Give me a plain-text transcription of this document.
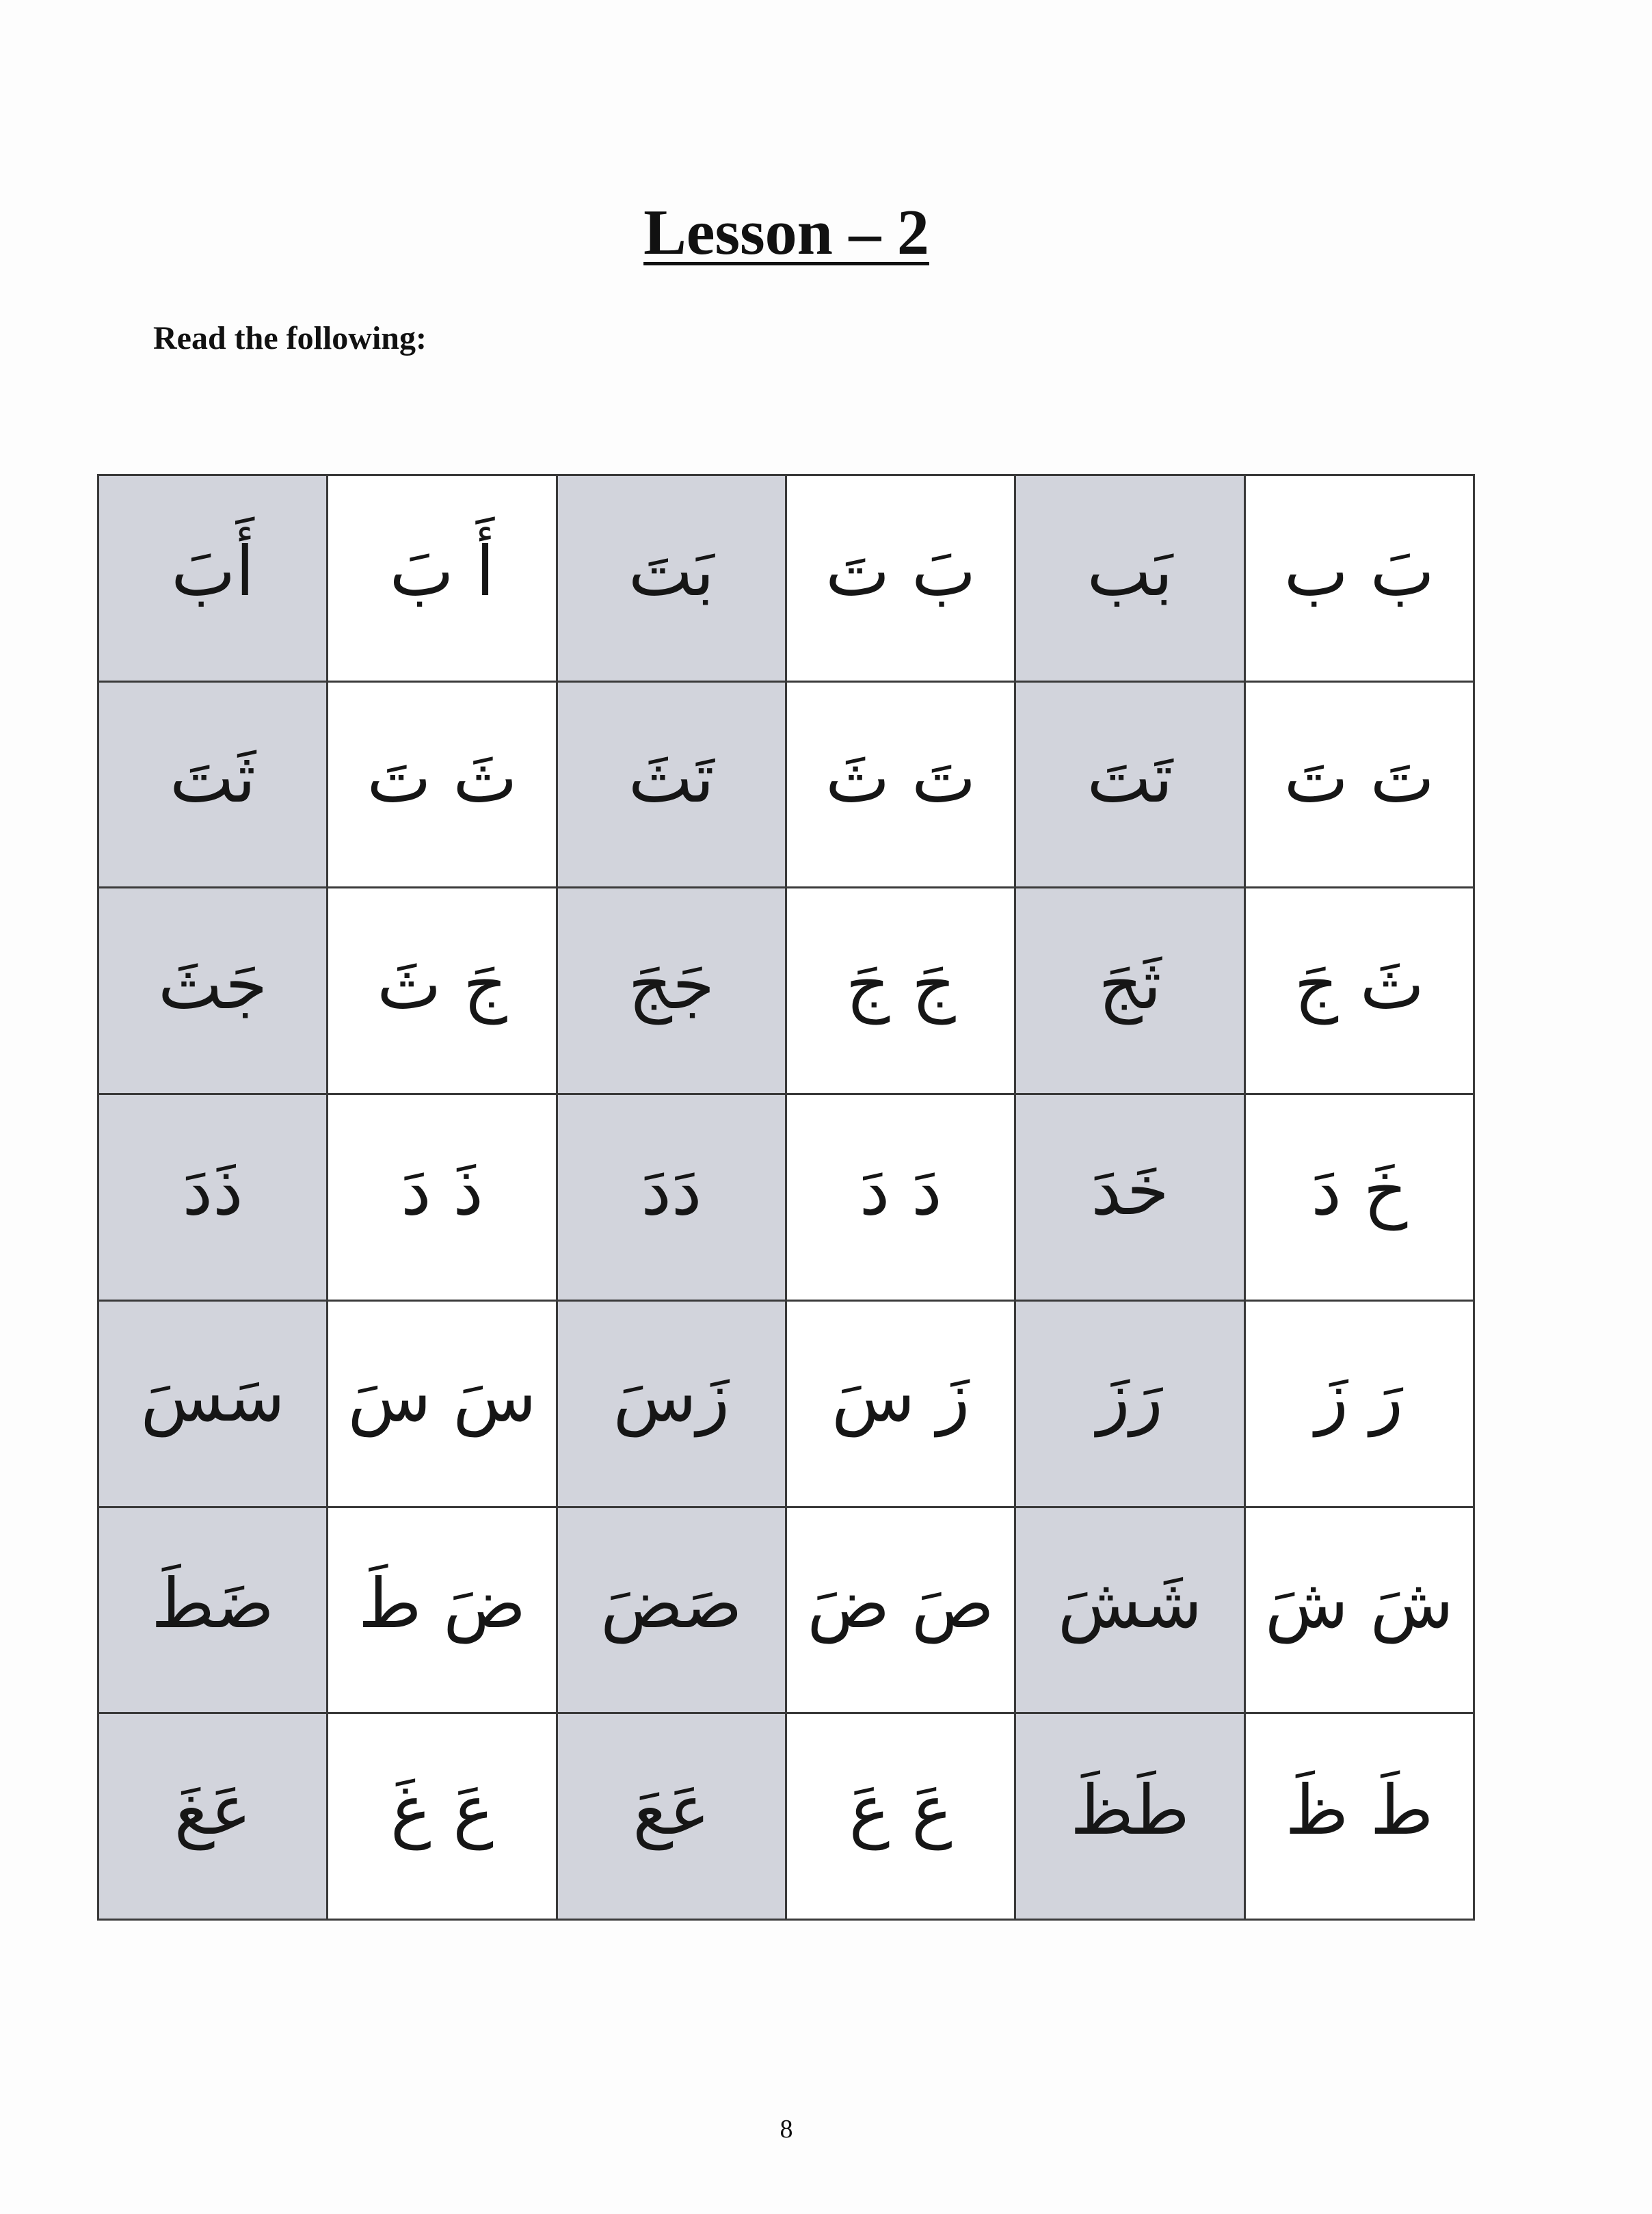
Lesson – 2

Read the following:

بَ ب	بَب	بَ تَ	بَتَ	أَ بَ	أَبَ
تَ تَ	تَتَ	تَ ثَ	تَثَ	ثَ تَ	ثَتَ
ثَ جَ	ثَجَ	جَ جَ	جَجَ	جَ ثَ	جَثَ
خَ دَ	خَدَ	دَ دَ	دَدَ	ذَ دَ	ذَدَ
رَ زَ	رَزَ	زَ سَ	زَسَ	سَ سَ	سَسَ
شَ شَ	شَشَ	صَ ضَ	صَضَ	ضَ طَ	ضَطَ
طَ ظَ	طَظَ	عَ عَ	عَعَ	عَ غَ	عَغَ

8
